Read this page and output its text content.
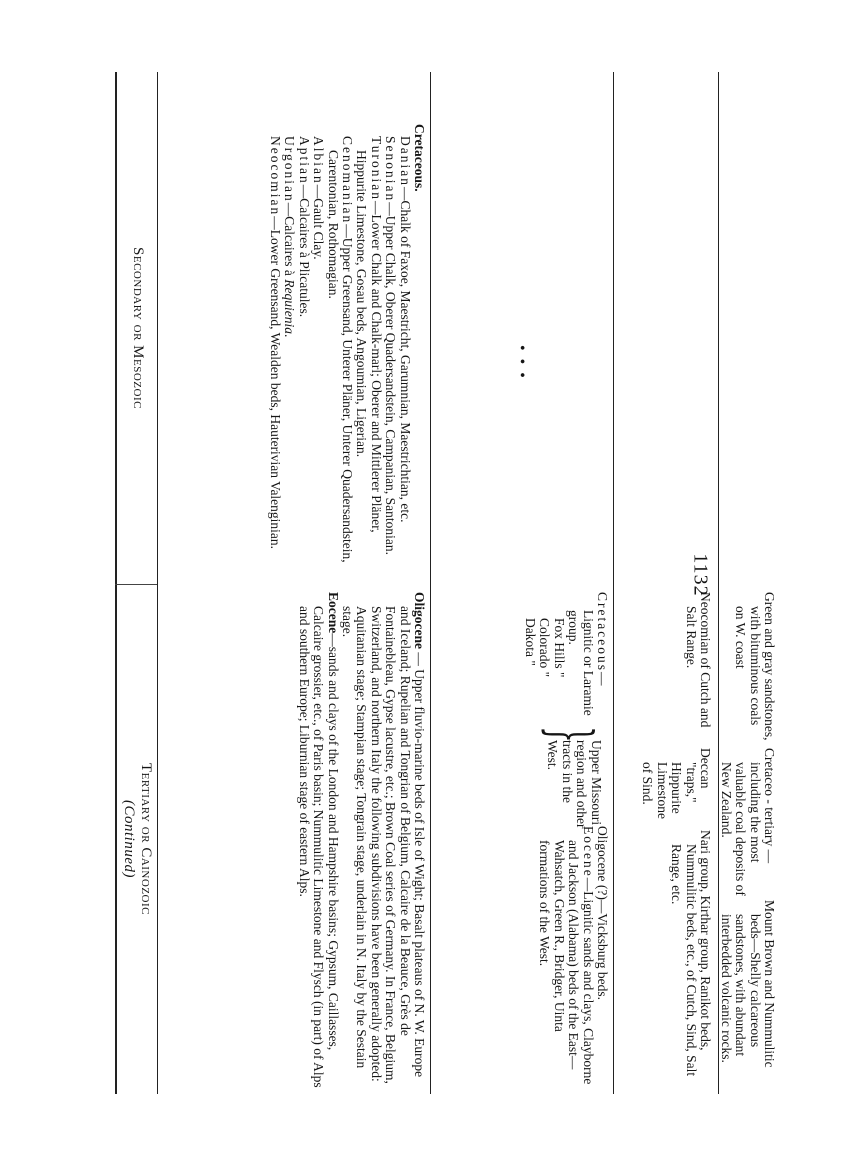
1132
Secondary or Mesozoic
Tertiary or Cainozoic
(Continued)

Cretaceous.

Danian—Chalk of Faxoe, Maestricht, Garumnian, Maestrichtian, etc.

Senonian—Upper Chalk, Oberer Quadersandstein, Campanian, Santonian.

Turonian—Lower Chalk and Chalk-marl; Oberer and Mittlerer Pläner, Hippurite Limestone, Gosau beds, Angoumian, Ligerian.

Cenomanian—Upper Greensand, Unterer Pläner, Unterer Quadersandstein, Carentonian, Rothomagian.

Albian—Gault Clay.

Aptian—Calcaires à Plicatules.

Urgonian—Calcaires à Requienia.

Neocomian—Lower Greensand, Wealden beds, Hauterivian Valenginian.

Oligocene — Upper fluvio-marine beds of Isle of Wight; Basalt plateaus of N. W. Europe and Iceland; Rupelian and Tongrian of Belgium, Calcaire de la Beauce, Grès de Fontainebleau, Gypse lacustre, etc.; Brown Coal series of Germany. In France, Belgium, Switzerland, and northern Italy the following subdivisions have been generally adopted: Aquitanian stage; Stampian stage; Tongrain stage, underlain in N. Italy by the Sestain stage.

Eocene—sands and clays of the London and Hampshire basins; Gypsum, Caillasses, Calcaire grossier, etc., of Paris basin; Nummulitic Limestone and Flysch (in part) of Alps and southern Europe; Liburnian stage of eastern Alps.

Oligocene (?)—Vicksburg beds.

Eocene—Lignitic sands and clays, Clayborne and Jackson (Alabama) beds of the East—Wahsatch, Green R., Bridger, Uinta formations of the West.

Cretaceous—

Lignitic or Laramie group.

Fox Hills "

Colorado "

Dakota "

}
Upper Missouri region and other tracts in the West.
• • •

Nari group, Kirthar group, Ranikot beds, Nummulitic beds, etc., of Cutch, Sind, Salt Range, etc.

Deccan "traps," Hippurite Limestone of Sind.

Neocomian of Cutch and Salt Range.

Mount Brown and Nummulitic beds—Shelly calcareous sandstones, with abundant interbedded volcanic rocks.

Cretaceo - tertiary — including the most valuable coal deposits of New Zealand.

Green and gray sandstones, with bituminous coals on W. coast
